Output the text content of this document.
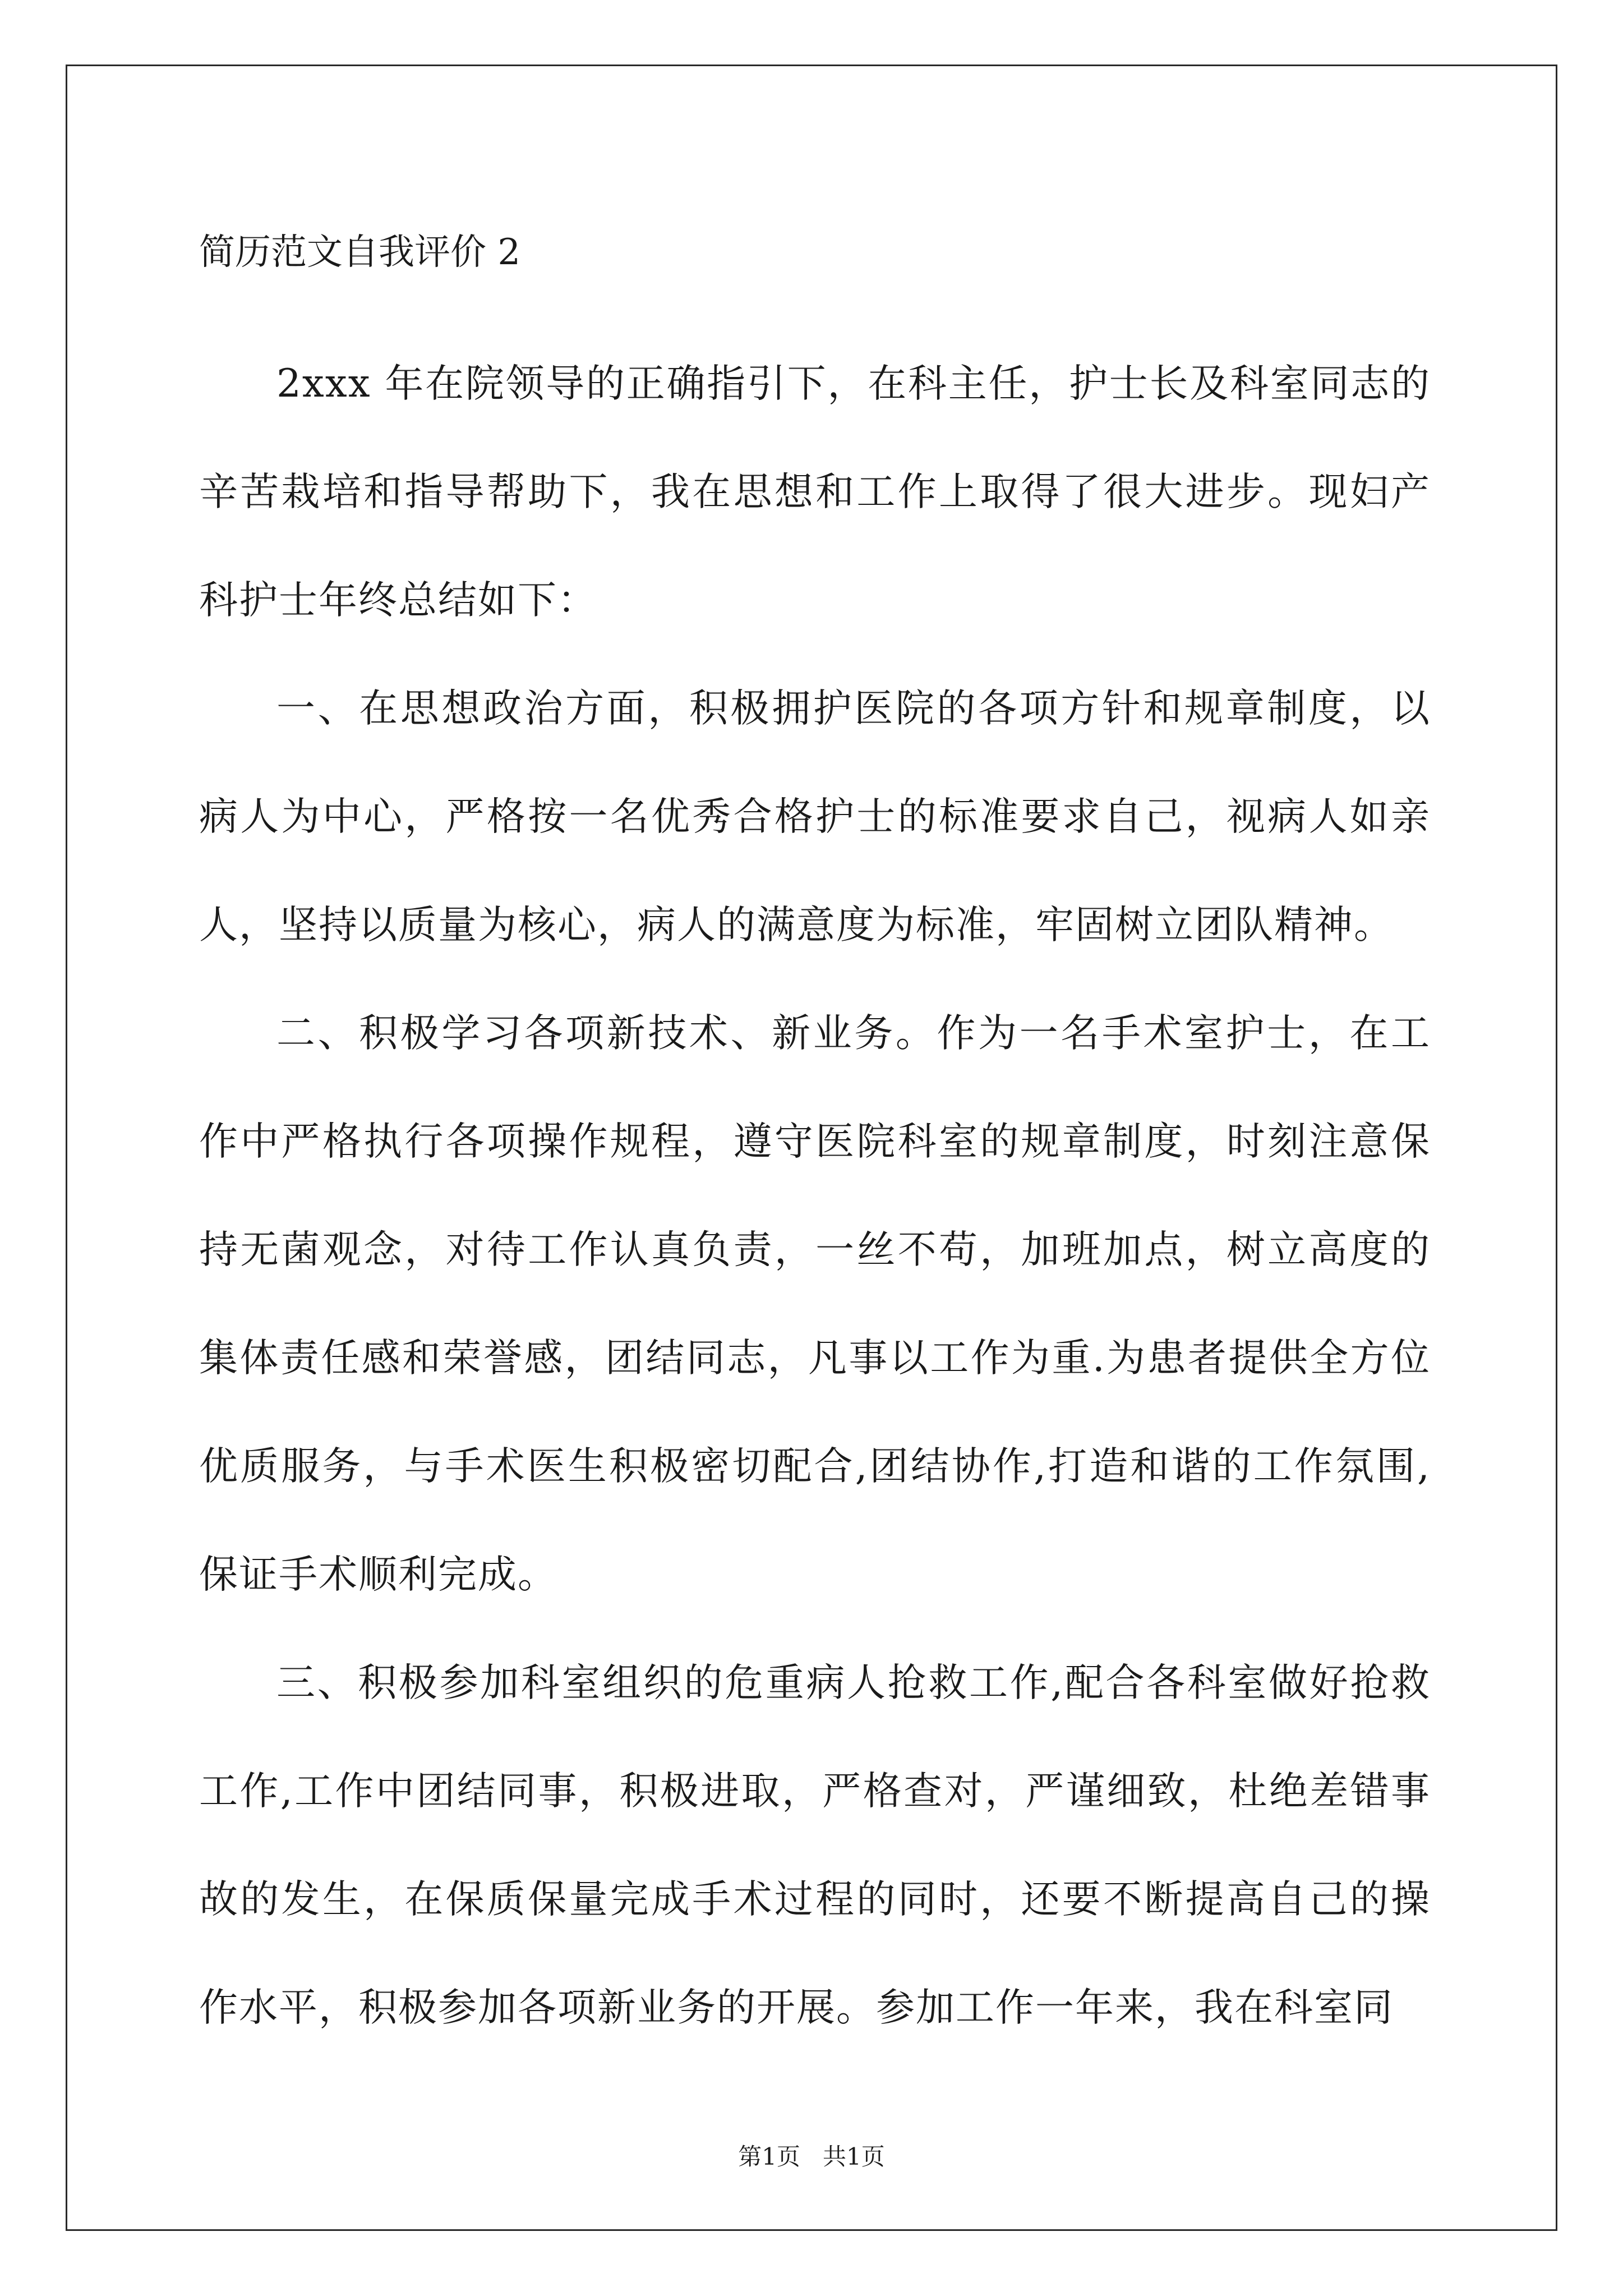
简历范文自我评价 2

2xxx 年在院领导的正确指引下，在科主任，护士长及科室同志的辛苦栽培和指导帮助下，我在思想和工作上取得了很大进步。现妇产科护士年终总结如下：

一、在思想政治方面，积极拥护医院的各项方针和规章制度，以病人为中心，严格按一名优秀合格护士的标准要求自己，视病人如亲人，坚持以质量为核心，病人的满意度为标准，牢固树立团队精神。

二、积极学习各项新技术、新业务。作为一名手术室护士，在工作中严格执行各项操作规程，遵守医院科室的规章制度，时刻注意保持无菌观念，对待工作认真负责，一丝不苟，加班加点，树立高度的集体责任感和荣誉感，团结同志，凡事以工作为重.为患者提供全方位优质服务，与手术医生积极密切配合,团结协作,打造和谐的工作氛围,保证手术顺利完成。

三、积极参加科室组织的危重病人抢救工作,配合各科室做好抢救工作,工作中团结同事，积极进取，严格查对，严谨细致，杜绝差错事故的发生，在保质保量完成手术过程的同时，还要不断提高自己的操作水平，积极参加各项新业务的开展。参加工作一年来，我在科室同

第1页   共1页
